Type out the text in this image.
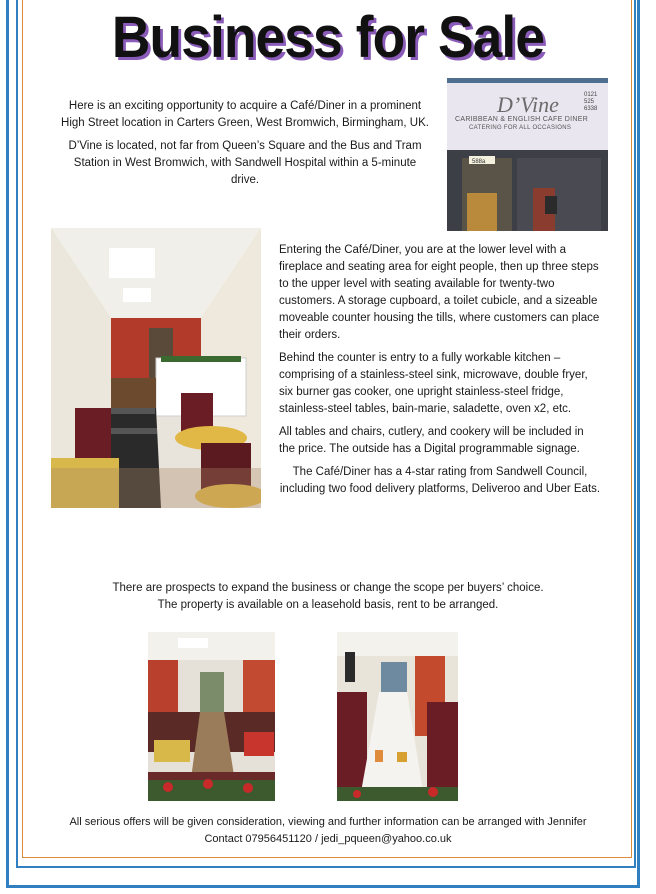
Business for Sale

Here is an exciting opportunity to acquire a Café/Diner in a prominent High Street location in Carters Green, West Bromwich, Birmingham, UK.

D’Vine is located, not far from Queen’s Square and the Bus and Tram Station in West Bromwich, with Sandwell Hospital within a 5-minute drive.

D’Vine
CARIBBEAN & ENGLISH CAFE DINER
CATERING FOR ALL OCCASIONS
0121
525 6338
588a

Entering the Café/Diner, you are at the lower level with a fireplace and seating area for eight people, then up three steps to the upper level with seating available for twenty-two customers. A storage cupboard, a toilet cubicle, and a sizeable moveable counter housing the tills, where customers can place their orders.

Behind the counter is entry to a fully workable kitchen – comprising of a stainless-steel sink, microwave, double fryer, six burner gas cooker, one upright stainless-steel fridge, stainless-steel tables, bain-marie, saladette, oven x2, etc.

All tables and chairs, cutlery, and cookery will be included in the price. The outside has a Digital programmable signage.

The Café/Diner has a 4-star rating from Sandwell Council, including two food delivery platforms, Deliveroo and Uber Eats.

There are prospects to expand the business or change the scope per buyers’ choice.
The property is available on a leasehold basis, rent to be arranged.
All serious offers will be given consideration, viewing and further information can be arranged with Jennifer
Contact 07956451120 / jedi_pqueen@yahoo.co.uk
